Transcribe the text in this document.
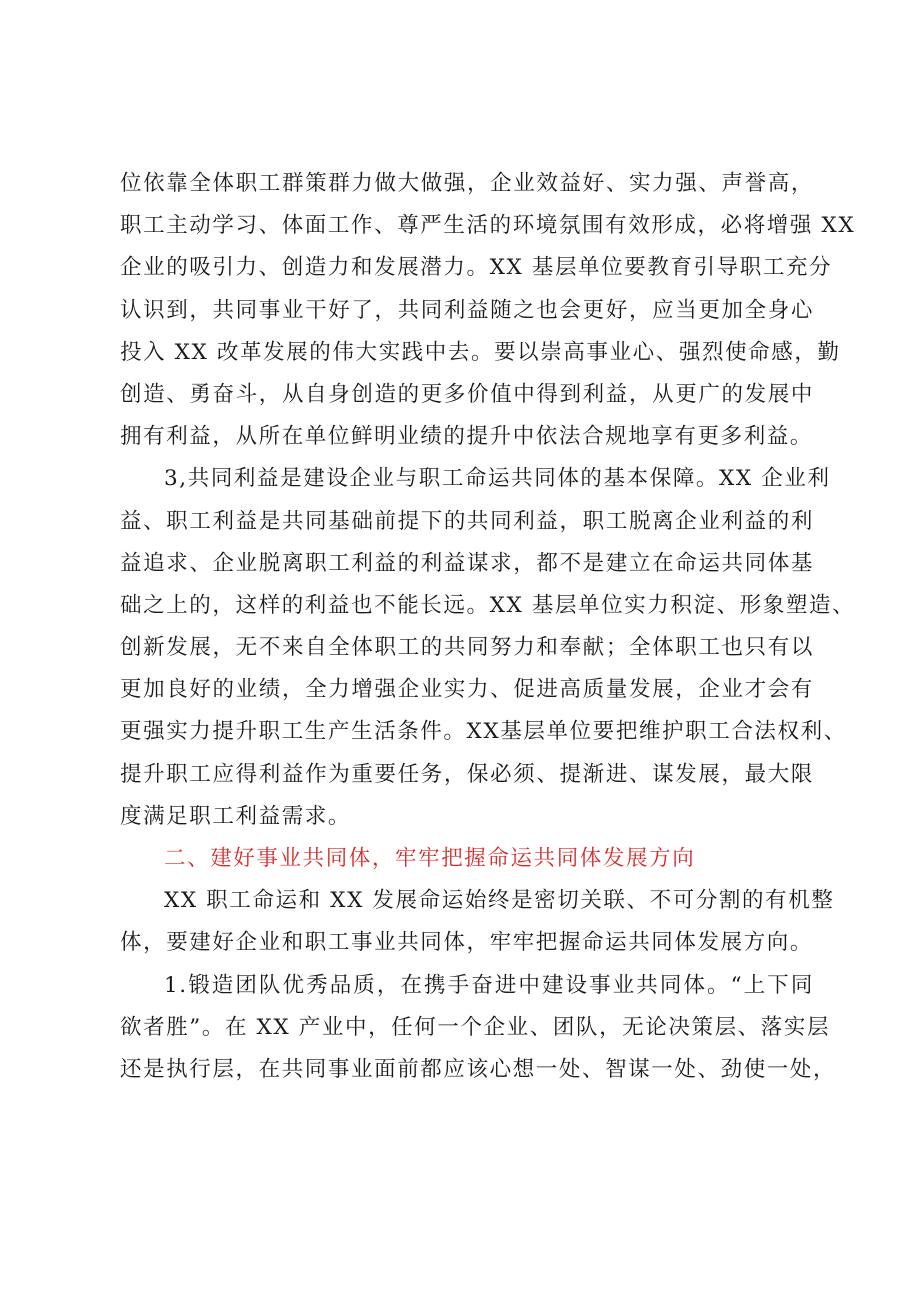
位依靠全体职工群策群力做大做强，企业效益好、实力强、声誉高，
职工主动学习、体面工作、尊严生活的环境氛围有效形成，必将增强 XX
企业的吸引力、创造力和发展潜力。XX 基层单位要教育引导职工充分
认识到，共同事业干好了，共同利益随之也会更好，应当更加全身心
投入 XX 改革发展的伟大实践中去。要以崇高事业心、强烈使命感，勤
创造、勇奋斗，从自身创造的更多价值中得到利益，从更广的发展中
拥有利益，从所在单位鲜明业绩的提升中依法合规地享有更多利益。
3,共同利益是建设企业与职工命运共同体的基本保障。XX 企业利
益、职工利益是共同基础前提下的共同利益，职工脱离企业利益的利
益追求、企业脱离职工利益的利益谋求，都不是建立在命运共同体基
础之上的，这样的利益也不能长远。XX 基层单位实力积淀、形象塑造、
创新发展，无不来自全体职工的共同努力和奉献；全体职工也只有以
更加良好的业绩，全力增强企业实力、促进高质量发展，企业才会有
更强实力提升职工生产生活条件。XX基层单位要把维护职工合法权利、
提升职工应得利益作为重要任务，保必须、提渐进、谋发展，最大限
度满足职工利益需求。
二、建好事业共同体，牢牢把握命运共同体发展方向
XX 职工命运和 XX 发展命运始终是密切关联、不可分割的有机整
体，要建好企业和职工事业共同体，牢牢把握命运共同体发展方向。
1.锻造团队优秀品质，在携手奋进中建设事业共同体。“上下同
欲者胜”。在 XX 产业中，任何一个企业、团队，无论决策层、落实层
还是执行层，在共同事业面前都应该心想一处、智谋一处、劲使一处，
